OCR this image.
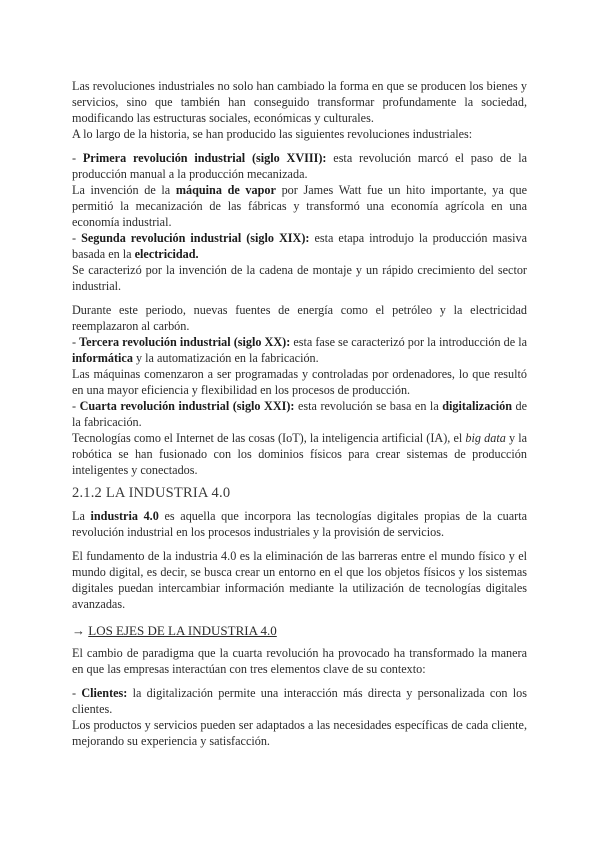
Las revoluciones industriales no solo han cambiado la forma en que se producen los bienes y servicios, sino que también han conseguido transformar profundamente la sociedad, modificando las estructuras sociales, económicas y culturales.

A lo largo de la historia, se han producido las siguientes revoluciones industriales:

- Primera revolución industrial (siglo XVIII): esta revolución marcó el paso de la producción manual a la producción mecanizada.

La invención de la máquina de vapor por James Watt fue un hito importante, ya que permitió la mecanización de las fábricas y transformó una economía agrícola en una economía industrial.

- Segunda revolución industrial (siglo XIX): esta etapa introdujo la producción masiva basada en la electricidad.

Se caracterizó por la invención de la cadena de montaje y un rápido crecimiento del sector industrial.

Durante este periodo, nuevas fuentes de energía como el petróleo y la electricidad reemplazaron al carbón.

- Tercera revolución industrial (siglo XX): esta fase se caracterizó por la introducción de la informática y la automatización en la fabricación.

Las máquinas comenzaron a ser programadas y controladas por ordenadores, lo que resultó en una mayor eficiencia y flexibilidad en los procesos de producción.

- Cuarta revolución industrial (siglo XXI): esta revolución se basa en la digitalización de la fabricación.

Tecnologías como el Internet de las cosas (IoT), la inteligencia artificial (IA), el big data y la robótica se han fusionado con los dominios físicos para crear sistemas de producción inteligentes y conectados.

2.1.2 LA INDUSTRIA 4.0

La industria 4.0 es aquella que incorpora las tecnologías digitales propias de la cuarta revolución industrial en los procesos industriales y la provisión de servicios.

El fundamento de la industria 4.0 es la eliminación de las barreras entre el mundo físico y el mundo digital, es decir, se busca crear un entorno en el que los objetos físicos y los sistemas digitales puedan intercambiar información mediante la utilización de tecnologías digitales avanzadas.

→ LOS EJES DE LA INDUSTRIA 4.0

El cambio de paradigma que la cuarta revolución ha provocado ha transformado la manera en que las empresas interactúan con tres elementos clave de su contexto:

- Clientes: la digitalización permite una interacción más directa y personalizada con los clientes.

Los productos y servicios pueden ser adaptados a las necesidades específicas de cada cliente, mejorando su experiencia y satisfacción.
